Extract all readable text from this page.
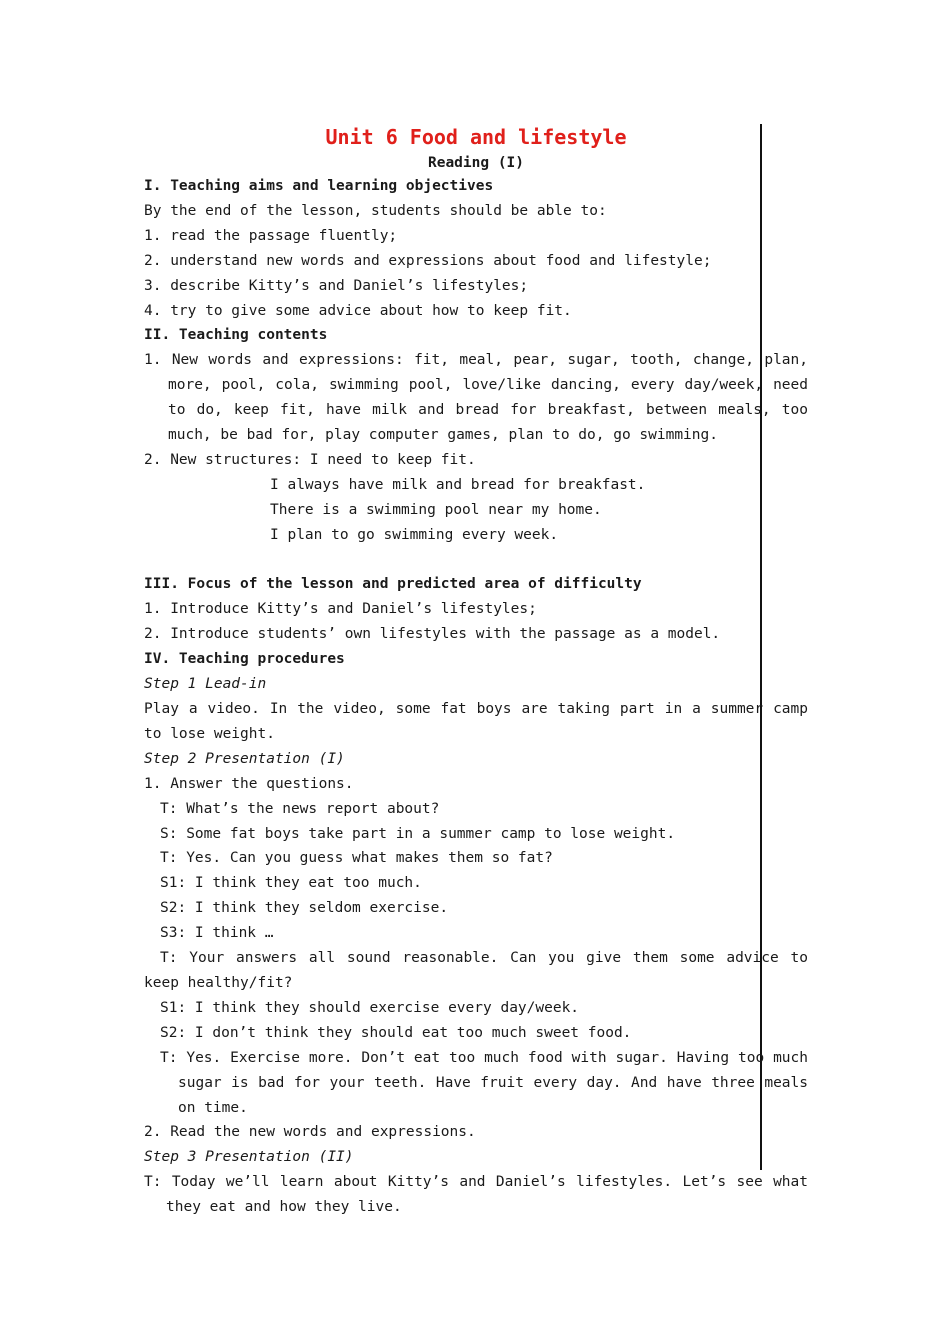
Unit 6 Food and lifestyle

Reading (I)

I. Teaching aims and learning objectives

By the end of the lesson, students should be able to:

1. read the passage fluently;

2. understand new words and expressions about food and lifestyle;

3. describe Kitty’s and Daniel’s lifestyles;

4. try to give some advice about how to keep fit.

II. Teaching contents

1. New words and expressions: fit, meal, pear, sugar, tooth, change, plan, more, pool, cola, swimming pool, love/like dancing, every day/week, need to do, keep fit, have milk and bread for breakfast, between meals, too much, be bad for, play computer games, plan to do, go swimming.

2. New structures: I need to keep fit.

I always have milk and bread for breakfast.

There is a swimming pool near my home.

I plan to go swimming every week.

III. Focus of the lesson and predicted area of difficulty

1. Introduce Kitty’s and Daniel’s lifestyles;

2. Introduce students’ own lifestyles with the passage as a model.

IV. Teaching procedures

Step 1 Lead-in

Play a video. In the video, some fat boys are taking part in a summer camp to lose weight.

Step 2 Presentation (I)

1. Answer the questions.

T: What’s the news report about?

S: Some fat boys take part in a summer camp to lose weight.

T: Yes. Can you guess what makes them so fat?

S1: I think they eat too much.

S2: I think they seldom exercise.

S3: I think …

T: Your answers all sound reasonable. Can you give them some advice to keep healthy/fit?

S1: I think they should exercise every day/week.

S2: I don’t think they should eat too much sweet food.

T: Yes. Exercise more. Don’t eat too much food with sugar. Having too much sugar is bad for your teeth. Have fruit every day. And have three meals on time.

2. Read the new words and expressions.

Step 3 Presentation (II)

T: Today we’ll learn about Kitty’s and Daniel’s lifestyles. Let’s see what they eat and how they live.
